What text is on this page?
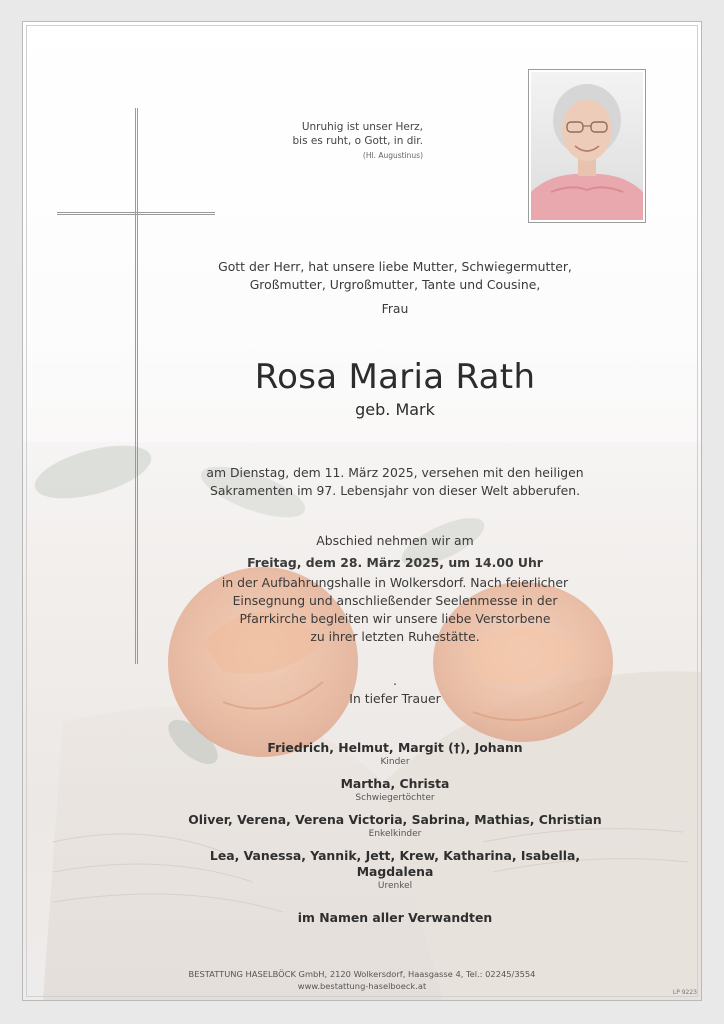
Unruhig ist unser Herz,
bis es ruht, o Gott, in dir.
(Hl. Augustinus)
Gott der Herr, hat unsere liebe Mutter, Schwiegermutter,
Großmutter, Urgroßmutter, Tante und Cousine,
Frau
Rosa Maria Rath
geb. Mark
am Dienstag, dem 11. März 2025, versehen mit den heiligen
Sakramenten im 97. Lebensjahr von dieser Welt abberufen.
Abschied nehmen wir am
Freitag, dem 28. März 2025, um 14.00 Uhr
in der Aufbahrungshalle in Wolkersdorf. Nach feierlicher
Einsegnung und anschließender Seelenmesse in der
Pfarrkirche begleiten wir unsere liebe Verstorbene
zu ihrer letzten Ruhestätte.
.
In tiefer Trauer
Friedrich, Helmut, Margit (†), Johann
Kinder
Martha, Christa
Schwiegertöchter
Oliver, Verena, Verena Victoria, Sabrina, Mathias, Christian
Enkelkinder
Lea, Vanessa, Yannik, Jett, Krew, Katharina, Isabella, Magdalena
Urenkel
im Namen aller Verwandten
BESTATTUNG HASELBÖCK GmbH, 2120 Wolkersdorf, Haasgasse 4, Tel.: 02245/3554
www.bestattung-haselboeck.at
LP 9223
